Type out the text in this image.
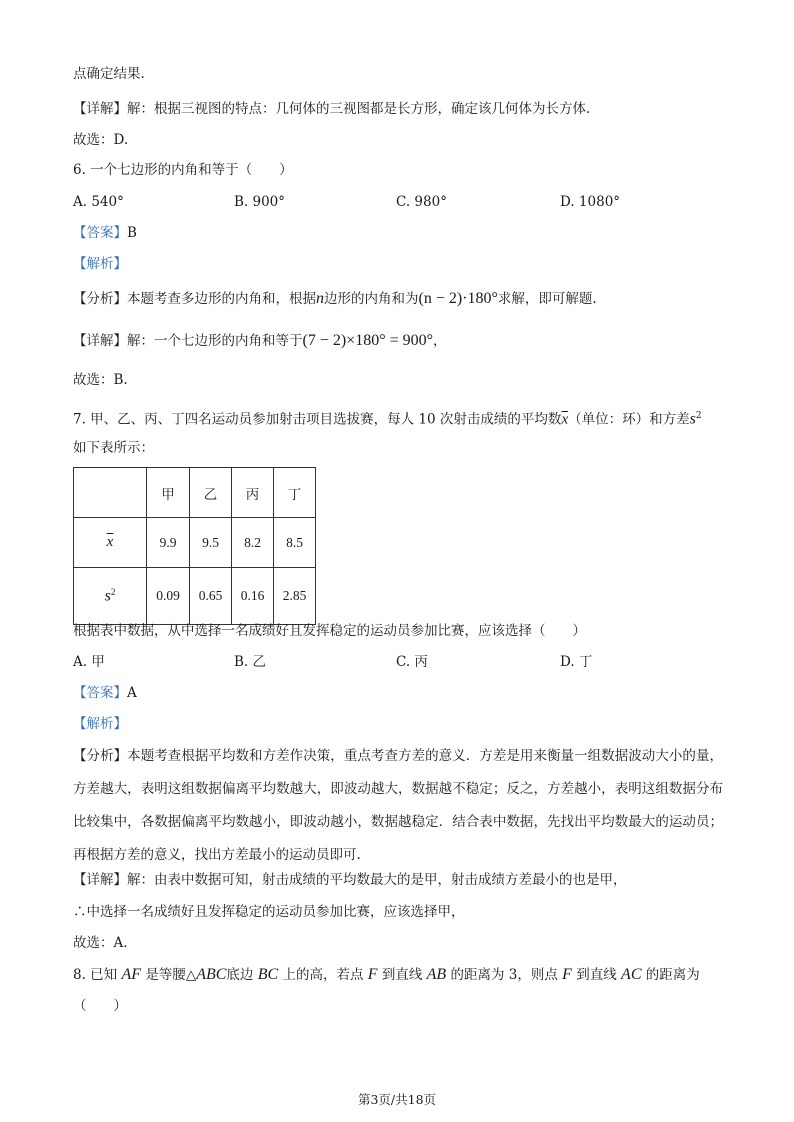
点确定结果.
【详解】解：根据三视图的特点：几何体的三视图都是长方形，确定该几何体为长方体.
故选：D.
6. 一个七边形的内角和等于（　　）
A. 540°	B. 900°	C. 980°	D. 1080°
【答案】B
【解析】
【分析】本题考查多边形的内角和，根据n边形的内角和为(n − 2)·180°求解，即可解题.
【详解】解：一个七边形的内角和等于(7 − 2)×180° = 900°，
故选：B.
7. 甲、乙、丙、丁四名运动员参加射击项目选拔赛，每人 10 次射击成绩的平均数$\overline{x}$（单位：环）和方差$s^2$
如下表所示：
	甲	乙	丙	丁
$\overline{x}$	9.9	9.5	8.2	8.5
$s^2$	0.09	0.65	0.16	2.85
根据表中数据，从中选择一名成绩好且发挥稳定的运动员参加比赛，应该选择（　　）
A. 甲	B. 乙	C. 丙	D. 丁
【答案】A
【解析】
【分析】本题考查根据平均数和方差作决策，重点考查方差的意义．方差是用来衡量一组数据波动大小的量，方差越大，表明这组数据偏离平均数越大，即波动越大，数据越不稳定；反之，方差越小，表明这组数据分布比较集中，各数据偏离平均数越小，即波动越小，数据越稳定．结合表中数据，先找出平均数最大的运动员；再根据方差的意义，找出方差最小的运动员即可.
【详解】解：由表中数据可知，射击成绩的平均数最大的是甲，射击成绩方差最小的也是甲，
∴中选择一名成绩好且发挥稳定的运动员参加比赛，应该选择甲，
故选：A.
8. 已知 AF 是等腰△ABC底边 BC 上的高，若点 F 到直线 AB 的距离为 3，则点 F 到直线 AC 的距离为
（　　）
第3页/共18页
